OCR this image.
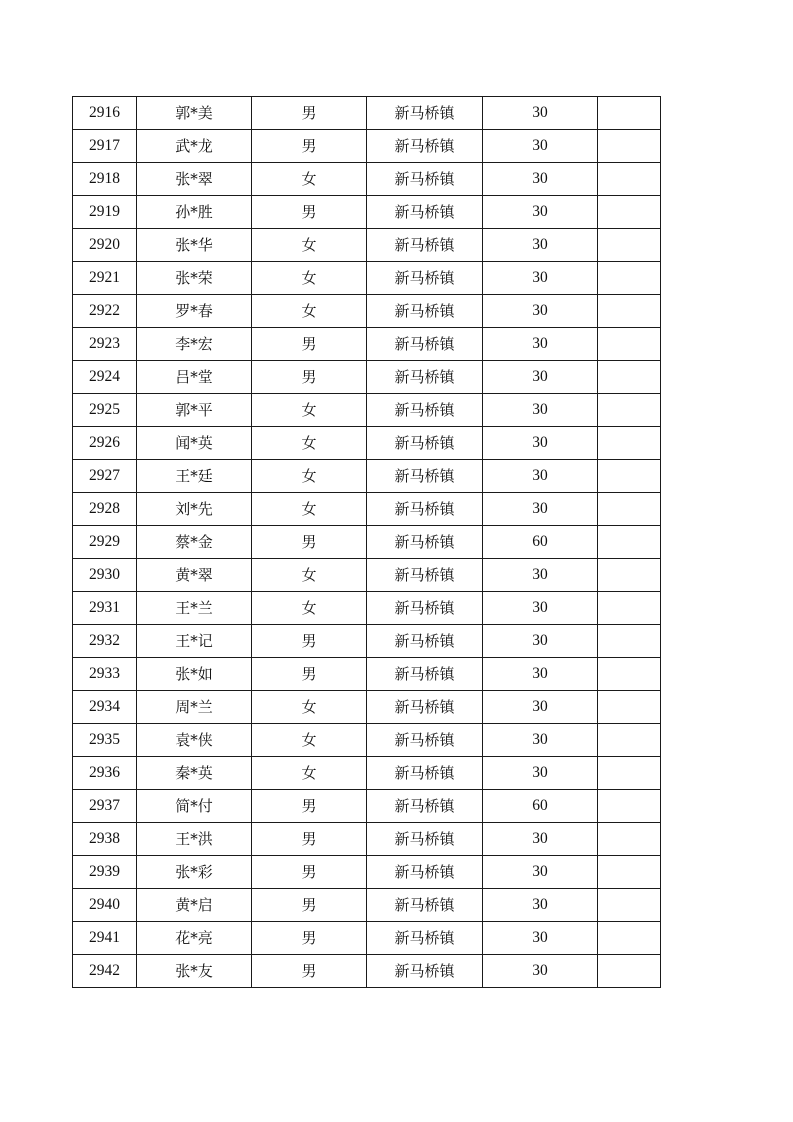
2916	郭*美	男	新马桥镇	30	
2917	武*龙	男	新马桥镇	30	
2918	张*翠	女	新马桥镇	30	
2919	孙*胜	男	新马桥镇	30	
2920	张*华	女	新马桥镇	30	
2921	张*荣	女	新马桥镇	30	
2922	罗*春	女	新马桥镇	30	
2923	李*宏	男	新马桥镇	30	
2924	吕*堂	男	新马桥镇	30	
2925	郭*平	女	新马桥镇	30	
2926	闻*英	女	新马桥镇	30	
2927	王*廷	女	新马桥镇	30	
2928	刘*先	女	新马桥镇	30	
2929	蔡*金	男	新马桥镇	60	
2930	黄*翠	女	新马桥镇	30	
2931	王*兰	女	新马桥镇	30	
2932	王*记	男	新马桥镇	30	
2933	张*如	男	新马桥镇	30	
2934	周*兰	女	新马桥镇	30	
2935	袁*侠	女	新马桥镇	30	
2936	秦*英	女	新马桥镇	30	
2937	简*付	男	新马桥镇	60	
2938	王*洪	男	新马桥镇	30	
2939	张*彩	男	新马桥镇	30	
2940	黄*启	男	新马桥镇	30	
2941	花*亮	男	新马桥镇	30	
2942	张*友	男	新马桥镇	30	
